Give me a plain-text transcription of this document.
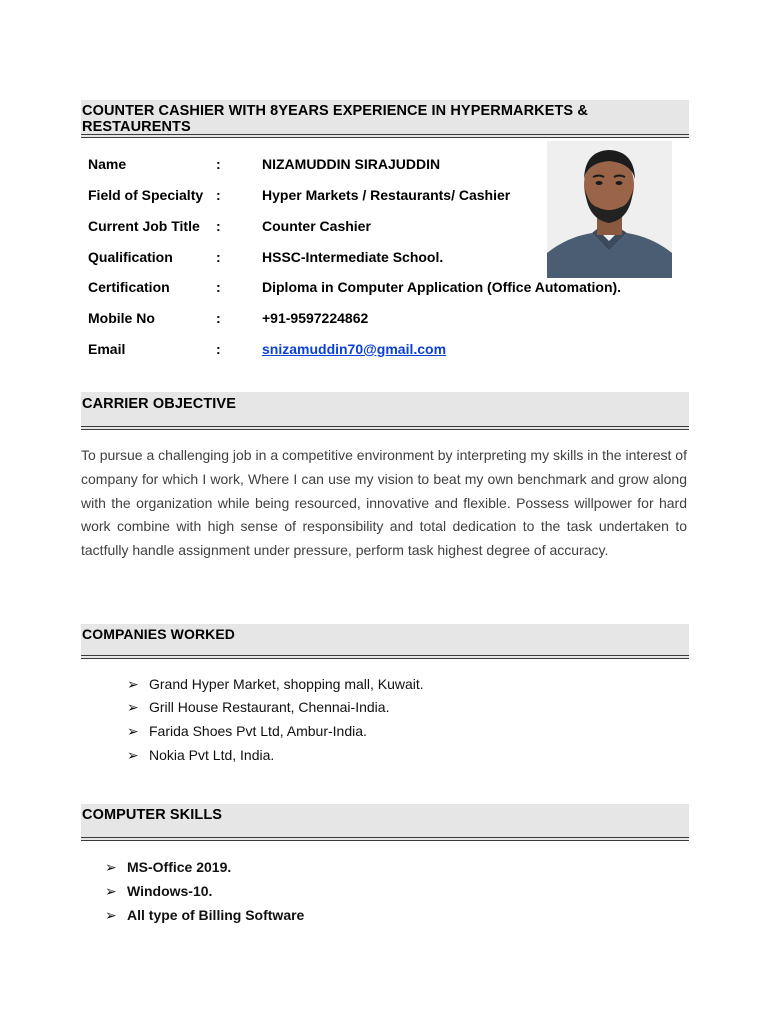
COUNTER CASHIER WITH 8YEARS EXPERIENCE IN HYPERMARKETS & RESTAURENTS
Name	:	NIZAMUDDIN SIRAJUDDIN
Field of Specialty :	Hyper Markets / Restaurants/ Cashier
Current Job Title :	Counter Cashier
Qualification	:	HSSC-Intermediate School.
Certification	:	Diploma in Computer Application (Office Automation).
Mobile No	:	+91-9597224862
Email	:	snizamuddin70@gmail.com
CARRIER OBJECTIVE
To pursue a challenging job in a competitive environment by interpreting my skills in the interest of company for which I work, Where I can use my vision to beat my own benchmark and grow along with the organization while being resourced, innovative and flexible. Possess willpower for hard work combine with high sense of responsibility and total dedication to the task undertaken to tactfully handle assignment under pressure, perform task highest degree of accuracy.
COMPANIES WORKED
➢ Grand Hyper Market, shopping mall, Kuwait.
➢ Grill House Restaurant, Chennai-India.
➢ Farida Shoes Pvt Ltd, Ambur-India.
➢ Nokia Pvt Ltd, India.
COMPUTER SKILLS
➢ MS-Office 2019.
➢ Windows-10.
➢ All type of Billing Software
